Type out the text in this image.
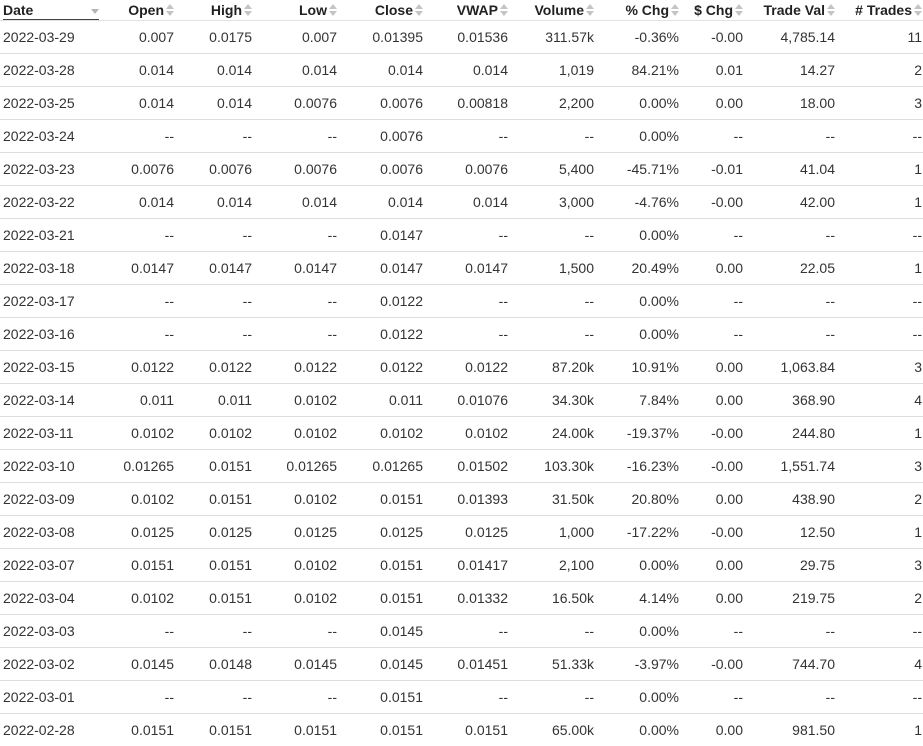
Date	Open	High	Low	Close	VWAP	Volume	% Chg	$ Chg	Trade Val	# Trades

2022-03-29	0.007	0.0175	0.007	0.01395	0.01536	311.57k	-0.36%	-0.00	4,785.14	11
2022-03-28	0.014	0.014	0.014	0.014	0.014	1,019	84.21%	0.01	14.27	2
2022-03-25	0.014	0.014	0.0076	0.0076	0.00818	2,200	0.00%	0.00	18.00	3
2022-03-24	--	--	--	0.0076	--	--	0.00%	--	--	--
2022-03-23	0.0076	0.0076	0.0076	0.0076	0.0076	5,400	-45.71%	-0.01	41.04	1
2022-03-22	0.014	0.014	0.014	0.014	0.014	3,000	-4.76%	-0.00	42.00	1
2022-03-21	--	--	--	0.0147	--	--	0.00%	--	--	--
2022-03-18	0.0147	0.0147	0.0147	0.0147	0.0147	1,500	20.49%	0.00	22.05	1
2022-03-17	--	--	--	0.0122	--	--	0.00%	--	--	--
2022-03-16	--	--	--	0.0122	--	--	0.00%	--	--	--
2022-03-15	0.0122	0.0122	0.0122	0.0122	0.0122	87.20k	10.91%	0.00	1,063.84	3
2022-03-14	0.011	0.011	0.0102	0.011	0.01076	34.30k	7.84%	0.00	368.90	4
2022-03-11	0.0102	0.0102	0.0102	0.0102	0.0102	24.00k	-19.37%	-0.00	244.80	1
2022-03-10	0.01265	0.0151	0.01265	0.01265	0.01502	103.30k	-16.23%	-0.00	1,551.74	3
2022-03-09	0.0102	0.0151	0.0102	0.0151	0.01393	31.50k	20.80%	0.00	438.90	2
2022-03-08	0.0125	0.0125	0.0125	0.0125	0.0125	1,000	-17.22%	-0.00	12.50	1
2022-03-07	0.0151	0.0151	0.0102	0.0151	0.01417	2,100	0.00%	0.00	29.75	3
2022-03-04	0.0102	0.0151	0.0102	0.0151	0.01332	16.50k	4.14%	0.00	219.75	2
2022-03-03	--	--	--	0.0145	--	--	0.00%	--	--	--
2022-03-02	0.0145	0.0148	0.0145	0.0145	0.01451	51.33k	-3.97%	-0.00	744.70	4
2022-03-01	--	--	--	0.0151	--	--	0.00%	--	--	--
2022-02-28	0.0151	0.0151	0.0151	0.0151	0.0151	65.00k	0.00%	0.00	981.50	1
